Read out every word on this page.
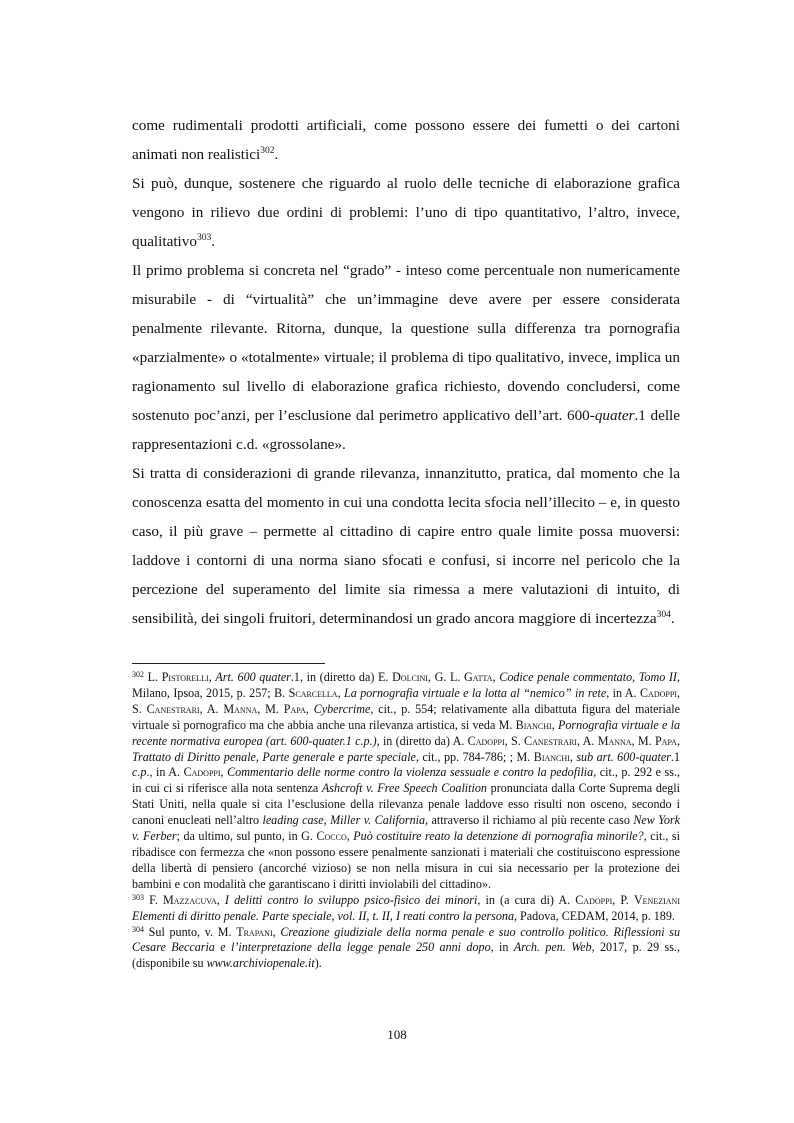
come rudimentali prodotti artificiali, come possono essere dei fumetti o dei cartoni animati non realistici$^{302}$.

Si può, dunque, sostenere che riguardo al ruolo delle tecniche di elaborazione grafica vengono in rilievo due ordini di problemi: l’uno di tipo quantitativo, l’altro, invece, qualitativo$^{303}$.

Il primo problema si concreta nel “grado” - inteso come percentuale non numericamente misurabile - di “virtualità” che un’immagine deve avere per essere considerata penalmente rilevante. Ritorna, dunque, la questione sulla differenza tra pornografia «parzialmente» o «totalmente» virtuale; il problema di tipo qualitativo, invece, implica un ragionamento sul livello di elaborazione grafica richiesto, dovendo concludersi, come sostenuto poc’anzi, per l’esclusione dal perimetro applicativo dell’art. 600-quater.1 delle rappresentazioni c.d. «grossolane».

Si tratta di considerazioni di grande rilevanza, innanzitutto, pratica, dal momento che la conoscenza esatta del momento in cui una condotta lecita sfocia nell’illecito – e, in questo caso, il più grave – permette al cittadino di capire entro quale limite possa muoversi: laddove i contorni di una norma siano sfocati e confusi, si incorre nel pericolo che la percezione del superamento del limite sia rimessa a mere valutazioni di intuito, di sensibilità, dei singoli fruitori, determinandosi un grado ancora maggiore di incertezza$^{304}$.

$^{302}$ L. Pistorelli, Art. 600 quater.1, in (diretto da) E. Dolcini, G. L. Gatta, Codice penale commentato, Tomo II, Milano, Ipsoa, 2015, p. 257; B. Scarcella, La pornografia virtuale e la lotta al “nemico” in rete, in A. Cadoppi, S. Canestrari, A. Manna, M. Papa, Cybercrime, cit., p. 554; relativamente alla dibattuta figura del materiale virtuale sì pornografico ma che abbia anche una rilevanza artistica, si veda M. Bianchi, Pornografia virtuale e la recente normativa europea (art. 600-quater.1 c.p.), in (diretto da) A. Cadoppi, S. Canestrari, A. Manna, M. Papa, Trattato di Diritto penale, Parte generale e parte speciale, cit., pp. 784-786; ; M. Bianchi, sub art. 600-quater.1 c.p., in A. Cadoppi, Commentario delle norme contro la violenza sessuale e contro la pedofilia, cit., p. 292 e ss., in cui ci si riferisce alla nota sentenza Ashcroft v. Free Speech Coalition pronunciata dalla Corte Suprema degli Stati Uniti, nella quale si cita l’esclusione della rilevanza penale laddove esso risulti non osceno, secondo i canoni enucleati nell’altro leading case, Miller v. California, attraverso il richiamo al più recente caso New York v. Ferber; da ultimo, sul punto, in G. Cocco, Può costituire reato la detenzione di pornografia minorile?, cit., si ribadisce con fermezza che «non possono essere penalmente sanzionati i materiali che costituiscono espressione della libertà di pensiero (ancorché vizioso) se non nella misura in cui sia necessario per la protezione dei bambini e con modalità che garantiscano i diritti inviolabili del cittadino».

$^{303}$ F. Mazzacuva, I delitti contro lo sviluppo psico-fisico dei minori, in (a cura di) A. Cadoppi, P. Veneziani Elementi di diritto penale. Parte speciale, vol. II, t. II, I reati contro la persona, Padova, CEDAM, 2014, p. 189.

$^{304}$ Sul punto, v. M. Trapani, Creazione giudiziale della norma penale e suo controllo politico. Riflessioni su Cesare Beccaria e l’interpretazione della legge penale 250 anni dopo, in Arch. pen. Web, 2017, p. 29 ss., (disponibile su www.archiviopenale.it).

108
